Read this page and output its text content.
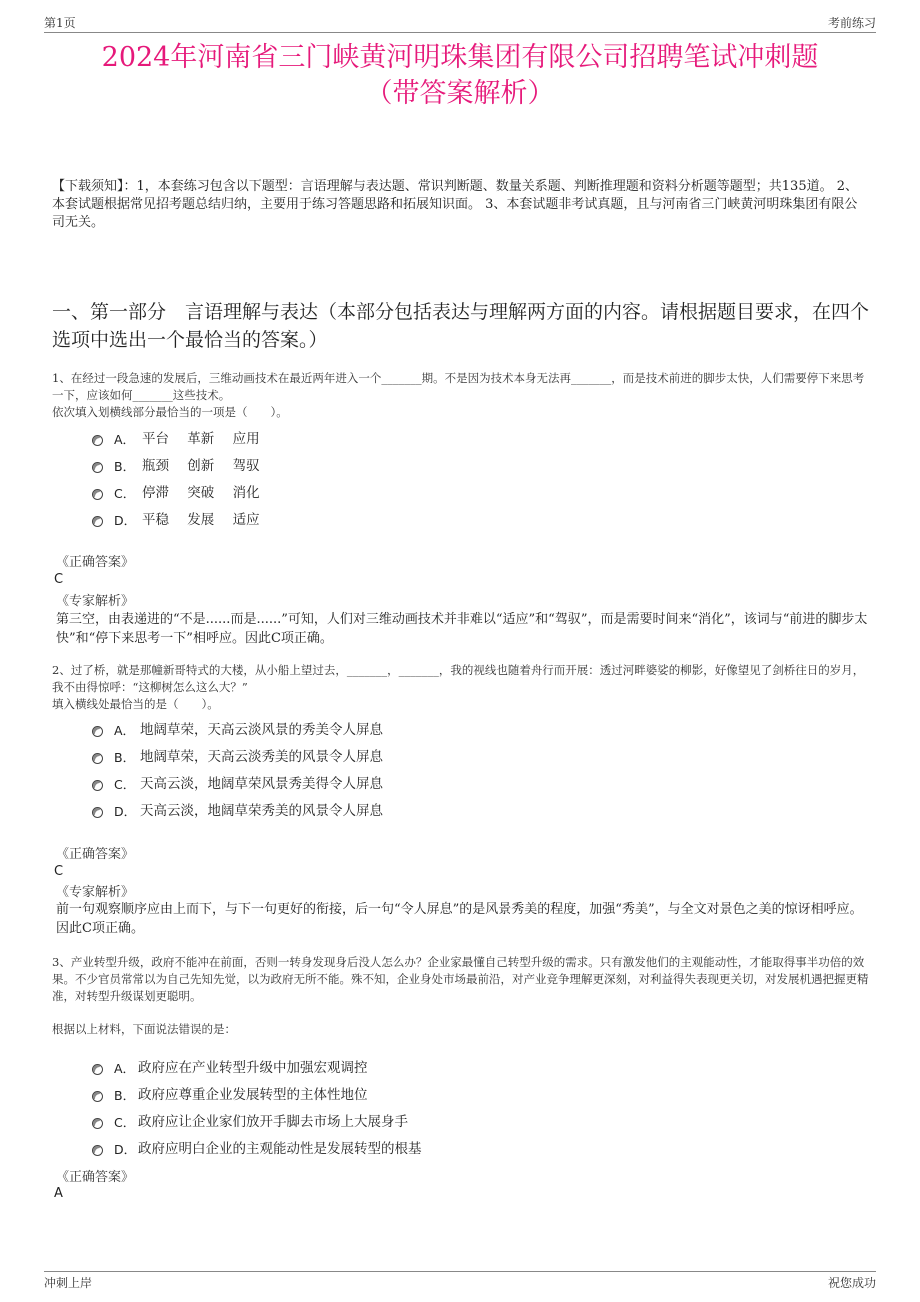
第1页	考前练习
2024年河南省三门峡黄河明珠集团有限公司招聘笔试冲刺题
（带答案解析）
【下载须知】：1，本套练习包含以下题型：言语理解与表达题、常识判断题、数量关系题、判断推理题和资料分析题等题型；共135道。 2、本套试题根据常见招考题总结归纳，主要用于练习答题思路和拓展知识面。 3、本套试题非考试真题，且与河南省三门峡黄河明珠集团有限公司无关。
一、第一部分　言语理解与表达（本部分包括表达与理解两方面的内容。请根据题目要求，在四个选项中选出一个最恰当的答案。）
1、在经过一段急速的发展后，三维动画技术在最近两年进入一个_______期。不是因为技术本身无法再_______，而是技术前进的脚步太快，人们需要停下来思考一下，应该如何_______这些技术。
依次填入划横线部分最恰当的一项是（　　）。
A． 平台 革新 应用
B． 瓶颈 创新 驾驭
C． 停滞 突破 消化
D． 平稳 发展 适应
《正确答案》
C
《专家解析》
第三空，由表递进的“不是......而是......”可知，人们对三维动画技术并非难以“适应”和“驾驭”，而是需要时间来“消化”，该词与“前进的脚步太快”和“停下来思考一下”相呼应。因此C项正确。
2、过了桥，就是那幢新哥特式的大楼，从小船上望过去，_______，_______，我的视线也随着舟行而开展：透过河畔婆娑的柳影，好像望见了剑桥往日的岁月，我不由得惊呼：“这柳树怎么这么大？”
填入横线处最恰当的是（　　）。
A． 地阔草荣，天高云淡风景的秀美令人屏息
B． 地阔草荣，天高云淡秀美的风景令人屏息
C． 天高云淡，地阔草荣风景秀美得令人屏息
D． 天高云淡，地阔草荣秀美的风景令人屏息
《正确答案》
C
《专家解析》
前一句观察顺序应由上而下，与下一句更好的衔接，后一句“令人屏息”的是风景秀美的程度，加强“秀美”，与全文对景色之美的惊讶相呼应。因此C项正确。
3、产业转型升级，政府不能冲在前面，否则一转身发现身后没人怎么办？企业家最懂自己转型升级的需求。只有激发他们的主观能动性，才能取得事半功倍的效果。不少官员常常以为自己先知先觉，以为政府无所不能。殊不知，企业身处市场最前沿，对产业竞争理解更深刻，对利益得失表现更关切，对发展机遇把握更精准，对转型升级谋划更聪明。
根据以上材料，下面说法错误的是：
A． 政府应在产业转型升级中加强宏观调控
B． 政府应尊重企业发展转型的主体性地位
C． 政府应让企业家们放开手脚去市场上大展身手
D． 政府应明白企业的主观能动性是发展转型的根基
《正确答案》
A
冲刺上岸	祝您成功
